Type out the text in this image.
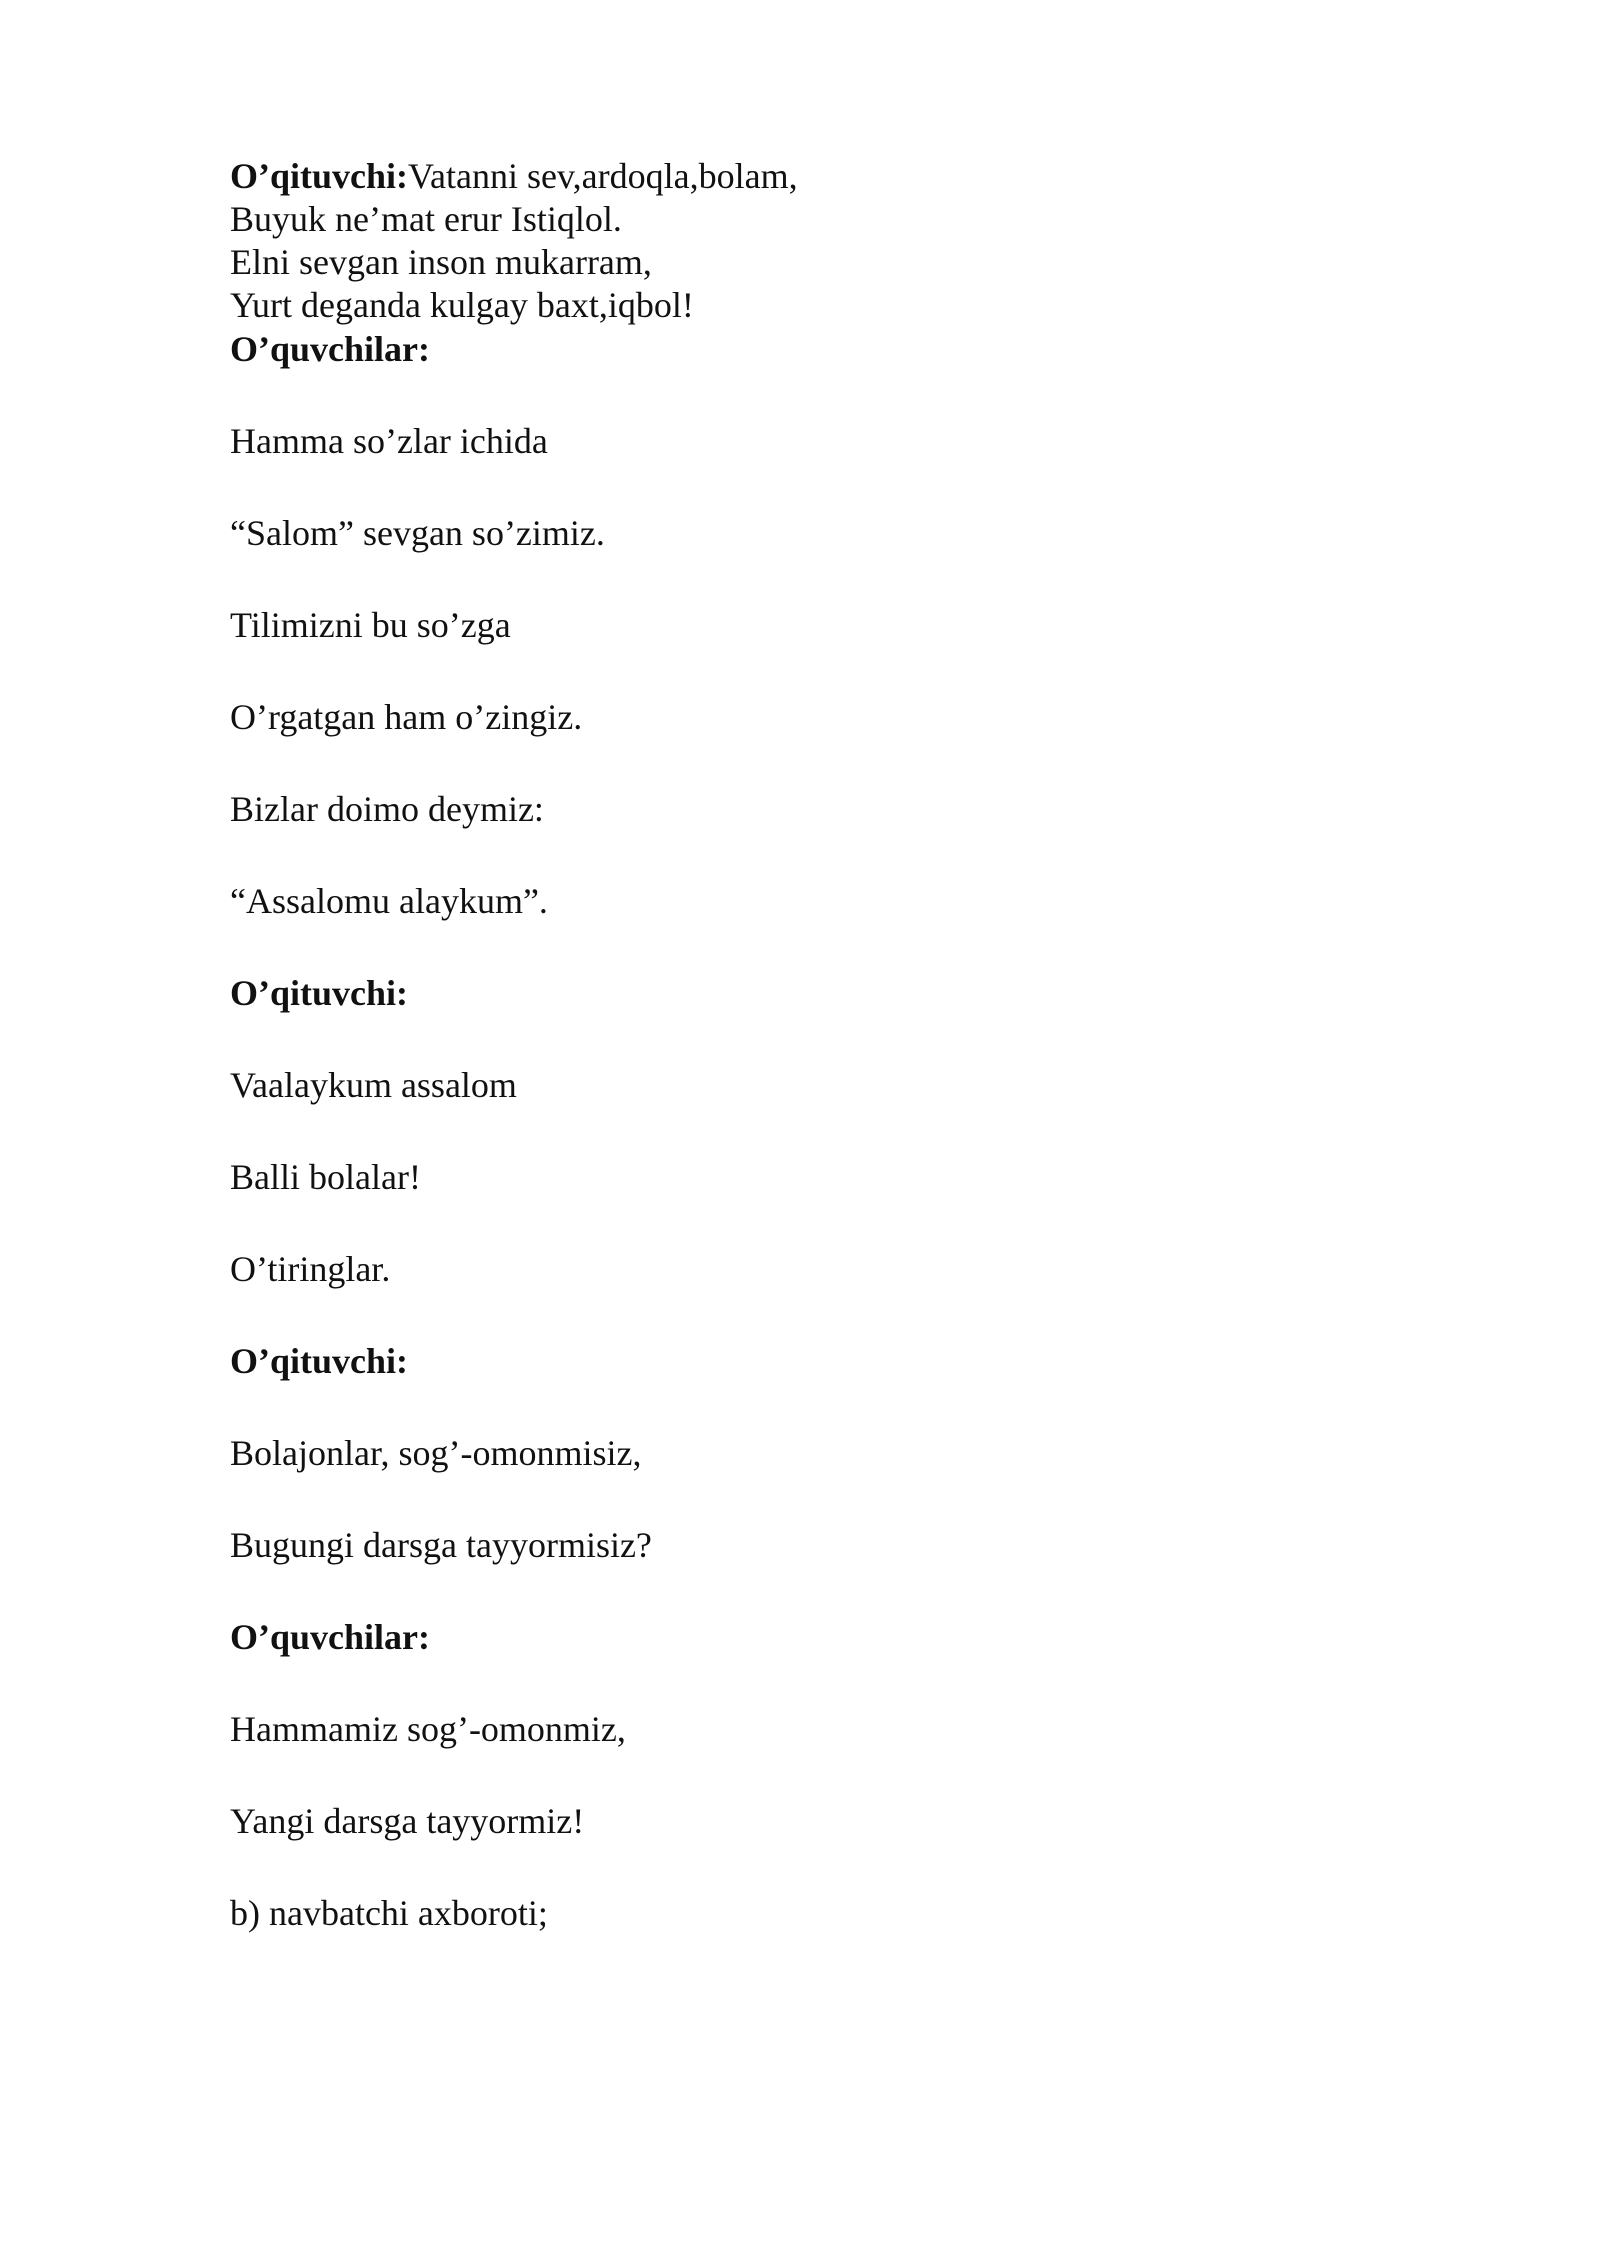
O’qituvchi:Vatanni sev,ardoqla,bolam,
Buyuk ne’mat erur Istiqlol.
Elni sevgan inson mukarram,
Yurt deganda kulgay baxt,iqbol!
O’quvchilar:
Hamma so’zlar ichida
“Salom” sevgan so’zimiz.
Tilimizni bu so’zga
O’rgatgan ham o’zingiz.
Bizlar doimo deymiz:
“Assalomu alaykum”.
O’qituvchi:
Vaalaykum assalom
Balli bolalar!
O’tiringlar.
O’qituvchi:
Bolajonlar, sog’-omonmisiz,
Bugungi darsga tayyormisiz?
O’quvchilar:
Hammamiz sog’-omonmiz,
Yangi darsga tayyormiz!
b) navbatchi axboroti;
